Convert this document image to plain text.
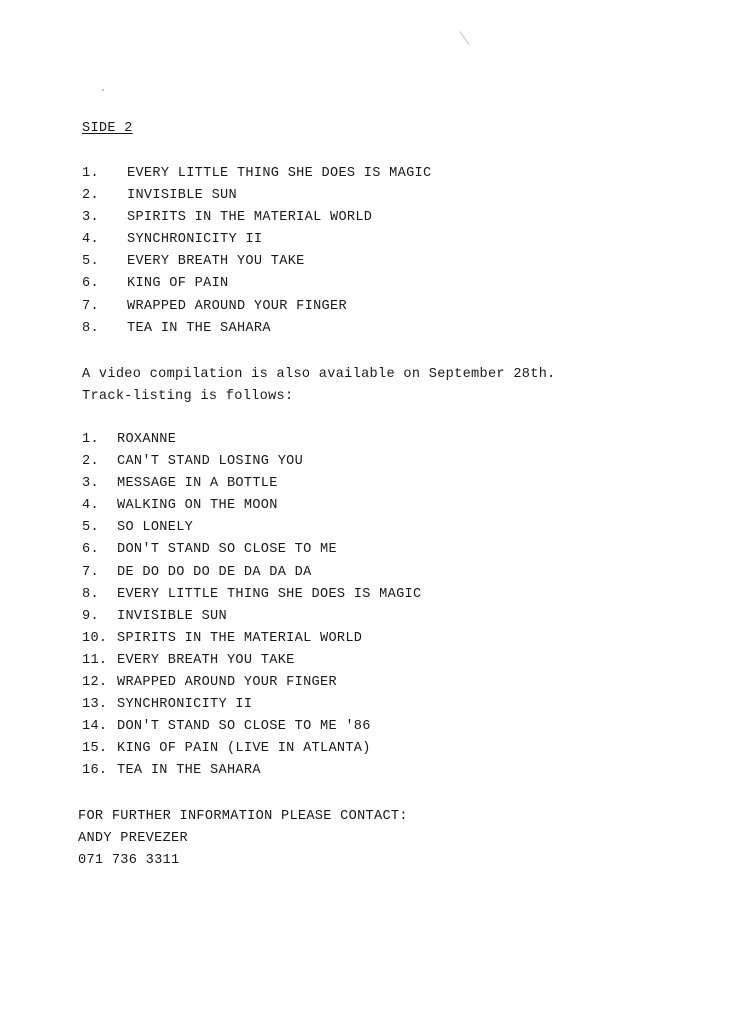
SIDE 2
1.	EVERY LITTLE THING SHE DOES IS MAGIC
2.	INVISIBLE SUN
3.	SPIRITS IN THE MATERIAL WORLD
4.	SYNCHRONICITY II
5.	EVERY BREATH YOU TAKE
6.	KING OF PAIN
7.	WRAPPED AROUND YOUR FINGER
8.	TEA IN THE SAHARA
A video compilation is also available on September 28th.
Track-listing is follows:
1.	ROXANNE
2.	CAN'T STAND LOSING YOU
3.	MESSAGE IN A BOTTLE
4.	WALKING ON THE MOON
5.	SO LONELY
6.	DON'T STAND SO CLOSE TO ME
7.	DE DO DO DO DE DA DA DA
8.	EVERY LITTLE THING SHE DOES IS MAGIC
9.	INVISIBLE SUN
10. SPIRITS IN THE MATERIAL WORLD
11. EVERY BREATH YOU TAKE
12. WRAPPED AROUND YOUR FINGER
13. SYNCHRONICITY II
14. DON'T STAND SO CLOSE TO ME '86
15. KING OF PAIN (LIVE IN ATLANTA)
16. TEA IN THE SAHARA
FOR FURTHER INFORMATION PLEASE CONTACT:
ANDY PREVEZER
071 736 3311
